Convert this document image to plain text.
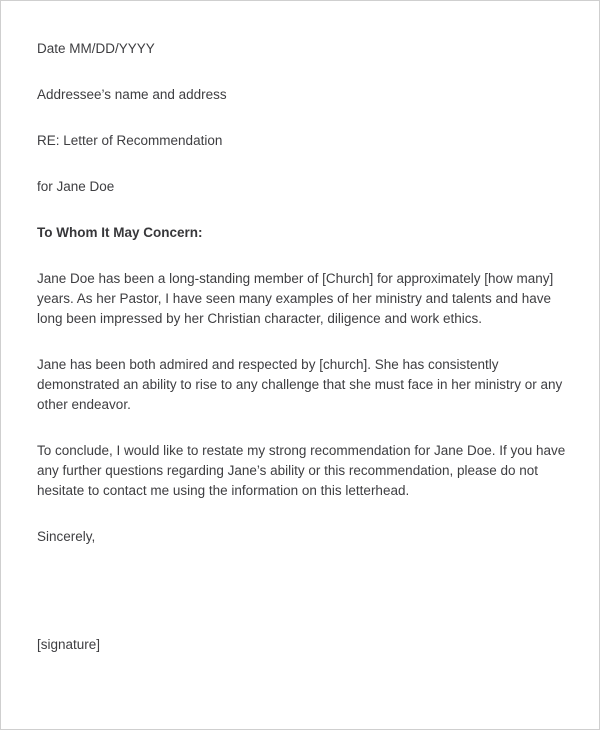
Date MM/DD/YYYY

Addressee’s name and address

RE: Letter of Recommendation

for Jane Doe

To Whom It May Concern:

Jane Doe has been a long-standing member of [Church] for approximately [how many] years. As her Pastor, I have seen many examples of her ministry and talents and have long been impressed by her Christian character, diligence and work ethics.

Jane has been both admired and respected by [church]. She has consistently demonstrated an ability to rise to any challenge that she must face in her ministry or any other endeavor.

To conclude, I would like to restate my strong recommendation for Jane Doe. If you have any further questions regarding Jane’s ability or this recommendation, please do not hesitate to contact me using the information on this letterhead.

Sincerely,

[signature]
